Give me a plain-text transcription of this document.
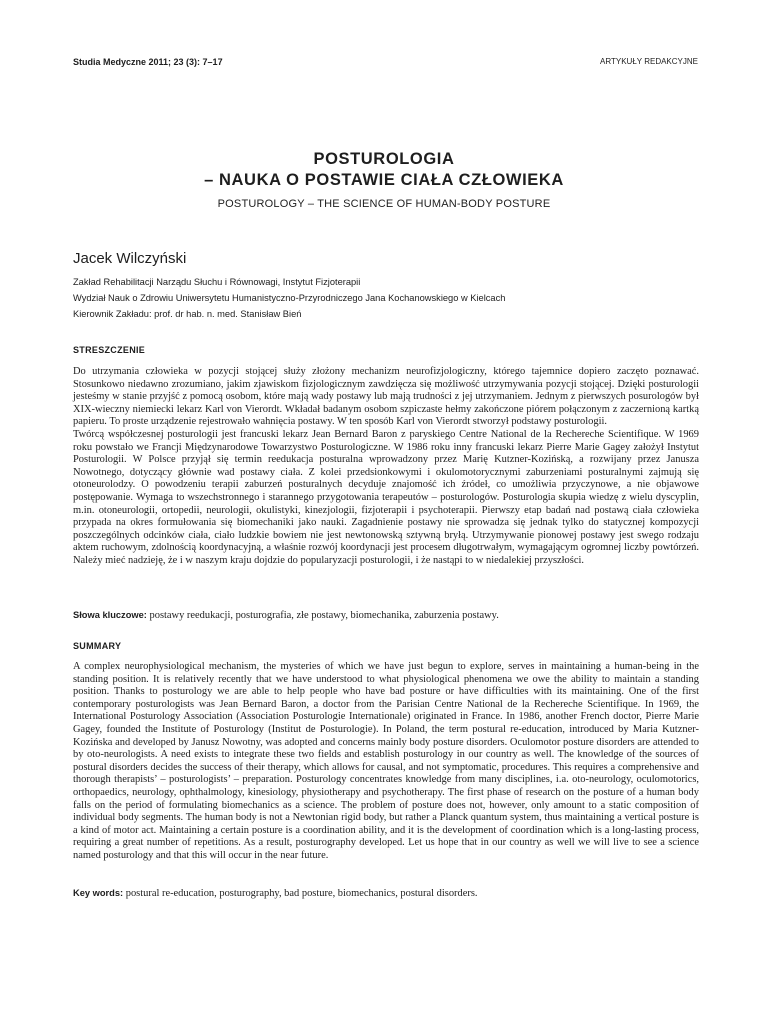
Studia Medyczne 2011; 23 (3): 7–17	ARTYKUŁY REDAKCYJNE
POSTUROLOGIA
– NAUKA O POSTAWIE CIAŁA CZŁOWIEKA
POSTUROLOGY – THE SCIENCE OF HUMAN-BODY POSTURE
Jacek Wilczyński
Zakład Rehabilitacji Narządu Słuchu i Równowagi, Instytut Fizjoterapii
Wydział Nauk o Zdrowiu Uniwersytetu Humanistyczno-Przyrodniczego Jana Kochanowskiego w Kielcach
Kierownik Zakładu: prof. dr hab. n. med. Stanisław Bień
STRESZCZENIE

Do utrzymania człowieka w pozycji stojącej służy złożony mechanizm neurofizjologiczny, którego tajemnice dopiero zaczęto poznawać. Stosunkowo niedawno zrozumiano, jakim zjawiskom fizjologicznym zawdzięcza się możliwość utrzymywania pozycji stojącej. Dzięki posturologii jesteśmy w stanie przyjść z pomocą osobom, które mają wady postawy lub mają trudności z jej utrzymaniem. Jednym z pierwszych posurologów był XIX-wieczny niemiecki lekarz Karl von Vierordt. Wkładał badanym osobom szpiczaste hełmy zakończone piórem połączonym z zaczernioną kartką papieru. To proste urządzenie rejestrowało wahnięcia postawy. W ten sposób Karl von Vierordt stworzył podstawy posturologii.

Twórcą współczesnej posturologii jest francuski lekarz Jean Bernard Baron z paryskiego Centre National de la Rechereche Scientifique. W 1969 roku powstało we Francji Międzynarodowe Towarzystwo Posturologiczne. W 1986 roku inny francuski lekarz Pierre Marie Gagey założył Instytut Posturologii. W Polsce przyjął się termin reedukacja posturalna wprowadzony przez Marię Kutzner-Kozińską, a rozwijany przez Janusza Nowotnego, dotyczący głównie wad postawy ciała. Z kolei przedsionkowymi i okulomotorycznymi zaburzeniami posturalnymi zajmują się otoneurolodzy. O powodzeniu terapii zaburzeń posturalnych decyduje znajomość ich źródeł, co umożliwia przyczynowe, a nie objawowe postępowanie. Wymaga to wszechstronnego i starannego przygotowania terapeutów – posturologów. Posturologia skupia wiedzę z wielu dyscyplin, m.in. otoneurologii, ortopedii, neurologii, okulistyki, kinezjologii, fizjoterapii i psychoterapii. Pierwszy etap badań nad postawą ciała człowieka przypada na okres formułowania się biomechaniki jako nauki. Zagadnienie postawy nie sprowadza się jednak tylko do statycznej kompozycji poszczególnych odcinków ciała, ciało ludzkie bowiem nie jest newtonowską sztywną bryłą. Utrzymywanie pionowej postawy jest swego rodzaju aktem ruchowym, zdolnością koordynacyjną, a właśnie rozwój koordynacji jest procesem długotrwałym, wymagającym ogromnej liczby powtórzeń. Należy mieć nadzieję, że i w naszym kraju dojdzie do popularyzacji posturologii, i że nastąpi to w niedalekiej przyszłości.

Słowa kluczowe: postawy reedukacji, posturografia, złe postawy, biomechanika, zaburzenia postawy.
SUMMARY

A complex neurophysiological mechanism, the mysteries of which we have just begun to explore, serves in maintaining a human-being in the standing position. It is relatively recently that we have understood to what physiological phenomena we owe the ability to maintain a standing position. Thanks to posturology we are able to help people who have bad posture or have difficulties with its maintaining. One of the first contemporary posturologists was Jean Bernard Baron, a doctor from the Parisian Centre National de la Rechereche Scientifique. In 1969, the International Posturology Association (Association Posturologie Internationale) originated in France. In 1986, another French doctor, Pierre Marie Gagey, founded the Institute of Posturology (Institut de Posturologie). In Poland, the term postural re-education, introduced by Maria Kutzner-Kozińska and developed by Janusz Nowotny, was adopted and concerns mainly body posture disorders. Oculomotor posture disorders are attended to by oto-neurologists. A need exists to integrate these two fields and establish posturology in our country as well. The knowledge of the sources of postural disorders decides the success of their therapy, which allows for causal, and not symptomatic, procedures. This requires a comprehensive and thorough therapists’ – posturologists’ – preparation. Posturology concentrates knowledge from many disciplines, i.a. oto-neurology, oculomotorics, orthopaedics, neurology, ophthalmology, kinesiology, physiotherapy and psychotherapy. The first phase of research on the posture of a human body falls on the period of formulating biomechanics as a science. The problem of posture does not, however, only amount to a static composition of individual body segments. The human body is not a Newtonian rigid body, but rather a Planck quantum system, thus maintaining a vertical posture is a kind of motor act. Maintaining a certain posture is a coordination ability, and it is the development of coordination which is a long-lasting process, requiring a great number of repetitions. As a result, posturography developed. Let us hope that in our country as well we will live to see a science named posturology and that this will occur in the near future.

Key words: postural re-education, posturography, bad posture, biomechanics, postural disorders.
